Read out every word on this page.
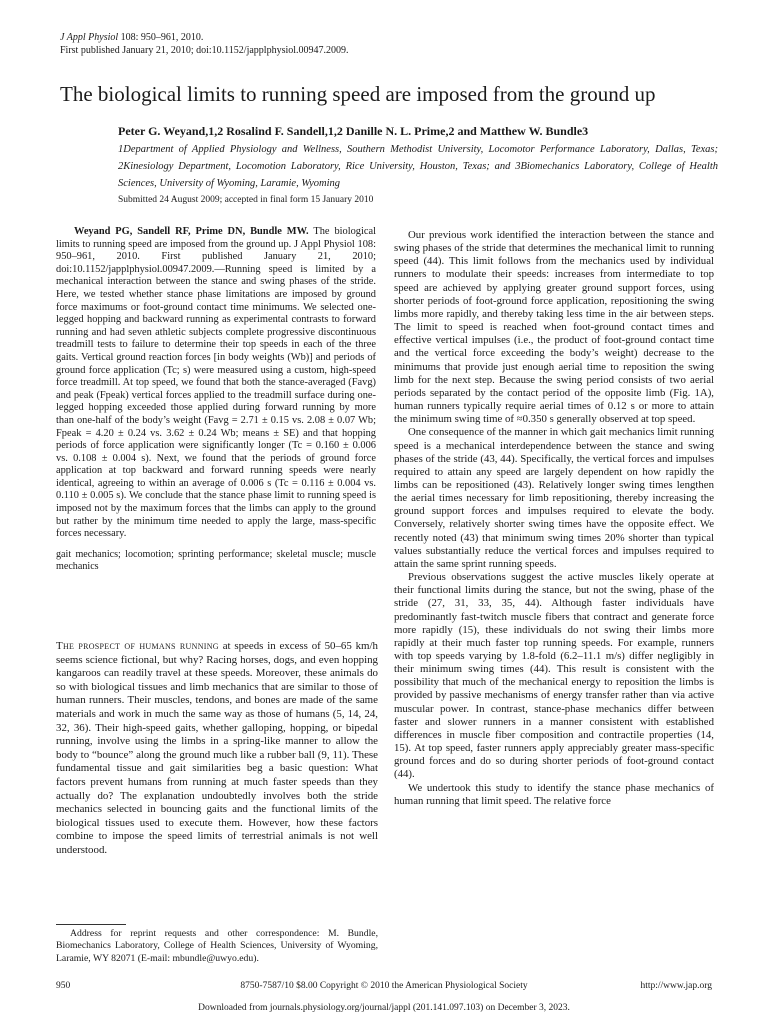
J Appl Physiol 108: 950–961, 2010.
First published January 21, 2010; doi:10.1152/japplphysiol.00947.2009.
The biological limits to running speed are imposed from the ground up
Peter G. Weyand,1,2 Rosalind F. Sandell,1,2 Danille N. L. Prime,2 and Matthew W. Bundle3
1Department of Applied Physiology and Wellness, Southern Methodist University, Locomotor Performance Laboratory, Dallas, Texas; 2Kinesiology Department, Locomotion Laboratory, Rice University, Houston, Texas; and 3Biomechanics Laboratory, College of Health Sciences, University of Wyoming, Laramie, Wyoming
Submitted 24 August 2009; accepted in final form 15 January 2010

Weyand PG, Sandell RF, Prime DN, Bundle MW. The biological limits to running speed are imposed from the ground up. J Appl Physiol 108: 950–961, 2010. First published January 21, 2010; doi:10.1152/japplphysiol.00947.2009.—Running speed is limited by a mechanical interaction between the stance and swing phases of the stride. Here, we tested whether stance phase limitations are imposed by ground force maximums or foot-ground contact time minimums. We selected one-legged hopping and backward running as experimental contrasts to forward running and had seven athletic subjects complete progressive discontinuous treadmill tests to failure to determine their top speeds in each of the three gaits. Vertical ground reaction forces [in body weights (Wb)] and periods of ground force application (Tc; s) were measured using a custom, high-speed force treadmill. At top speed, we found that both the stance-averaged (Favg) and peak (Fpeak) vertical forces applied to the treadmill surface during one-legged hopping exceeded those applied during forward running by more than one-half of the body’s weight (Favg = 2.71 ± 0.15 vs. 2.08 ± 0.07 Wb; Fpeak = 4.20 ± 0.24 vs. 3.62 ± 0.24 Wb; means ± SE) and that hopping periods of force application were significantly longer (Tc = 0.160 ± 0.006 vs. 0.108 ± 0.004 s). Next, we found that the periods of ground force application at top backward and forward running speeds were nearly identical, agreeing to within an average of 0.006 s (Tc = 0.116 ± 0.004 vs. 0.110 ± 0.005 s). We conclude that the stance phase limit to running speed is imposed not by the maximum forces that the limbs can apply to the ground but rather by the minimum time needed to apply the large, mass-specific forces necessary.

gait mechanics; locomotion; sprinting performance; skeletal muscle; muscle mechanics

The prospect of humans running at speeds in excess of 50–65 km/h seems science fictional, but why? Racing horses, dogs, and even hopping kangaroos can readily travel at these speeds. Moreover, these animals do so with biological tissues and limb mechanics that are similar to those of human runners. Their muscles, tendons, and bones are made of the same materials and work in much the same way as those of humans (5, 14, 24, 32, 36). Their high-speed gaits, whether galloping, hopping, or bipedal running, involve using the limbs in a spring-like manner to allow the body to “bounce” along the ground much like a rubber ball (9, 11). These fundamental tissue and gait similarities beg a basic question: What factors prevent humans from running at much faster speeds than they actually do? The explanation undoubtedly involves both the stride mechanics selected in bouncing gaits and the functional limits of the biological tissues used to execute them. However, how these factors combine to impose the speed limits of terrestrial animals is not well understood.

Our previous work identified the interaction between the stance and swing phases of the stride that determines the mechanical limit to running speed (44). This limit follows from the mechanics used by individual runners to modulate their speeds: increases from intermediate to top speed are achieved by applying greater ground support forces, using shorter periods of foot-ground force application, repositioning the swing limbs more rapidly, and thereby taking less time in the air between steps. The limit to speed is reached when foot-ground contact times and effective vertical impulses (i.e., the product of foot-ground contact time and the vertical force exceeding the body’s weight) decrease to the minimums that provide just enough aerial time to reposition the swing limb for the next step. Because the swing period consists of two aerial periods separated by the contact period of the opposite limb (Fig. 1A), human runners typically require aerial times of 0.12 s or more to attain the minimum swing time of ≈0.350 s generally observed at top speed.

One consequence of the manner in which gait mechanics limit running speed is a mechanical interdependence between the stance and swing phases of the stride (43, 44). Specifically, the vertical forces and impulses required to attain any speed are largely dependent on how rapidly the limbs can be repositioned (43). Relatively longer swing times lengthen the aerial times necessary for limb repositioning, thereby increasing the ground support forces and impulses required to elevate the body. Conversely, relatively shorter swing times have the opposite effect. We recently noted (43) that minimum swing times 20% shorter than typical values substantially reduce the vertical forces and impulses required to attain the same sprint running speeds.

Previous observations suggest the active muscles likely operate at their functional limits during the stance, but not the swing, phase of the stride (27, 31, 33, 35, 44). Although faster individuals have predominantly fast-twitch muscle fibers that contract and generate force more rapidly (15), these individuals do not swing their limbs more rapidly at their much faster top running speeds. For example, runners with top speeds varying by 1.8-fold (6.2–11.1 m/s) differ negligibly in their minimum swing times (44). This result is consistent with the possibility that much of the mechanical energy to reposition the limbs is provided by passive mechanisms of energy transfer rather than via active muscular power. In contrast, stance-phase mechanics differ between faster and slower runners in a manner consistent with established differences in muscle fiber composition and contractile properties (14, 15). At top speed, faster runners apply appreciably greater mass-specific ground forces and do so during shorter periods of foot-ground contact (44).

We undertook this study to identify the stance phase mechanics of human running that limit speed. The relative force

Address for reprint requests and other correspondence: M. Bundle, Biomechanics Laboratory, College of Health Sciences, University of Wyoming, Laramie, WY 82071 (E-mail: mbundle@uwyo.edu).
950	8750-7587/10 $8.00 Copyright © 2010 the American Physiological Society	http://www.jap.org
Downloaded from journals.physiology.org/journal/jappl (201.141.097.103) on December 3, 2023.
